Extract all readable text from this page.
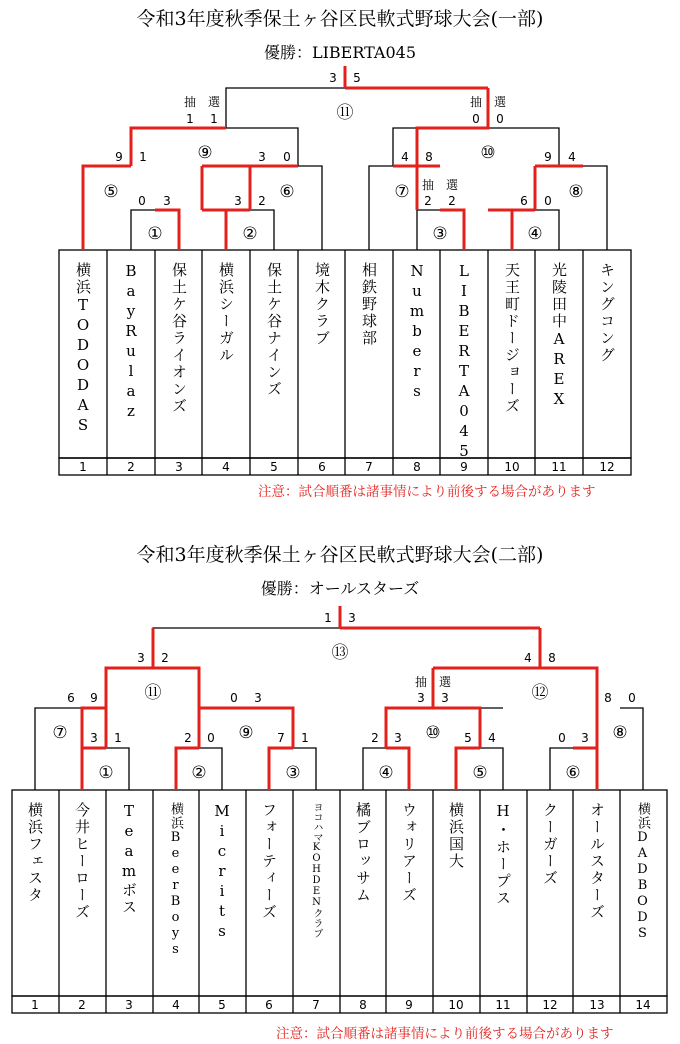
令和3年度秋季保土ヶ谷区民軟式野球大会(一部)
優勝：LIBERTA045
①	②	③	④
⑤	⑥	⑦	⑧
⑨	⑩
⑪
0 3	3 2
抽 選
2 2	6 0
9 1	3 0	4 8	9 4
抽 選
1 1
抽 選
0 0
3 5
1	2	3	4	5	6	7	8	9	10	11	12
横浜TODODAS BayRulaz 保土ケ谷ライオンズ 横浜シーガル 保土ケ谷ナインズ 境木クラブ 相鉄野球部 Numbers LIBERTA045 天王町ドージョーズ 光陵田中AREX キングコング
注意：試合順番は諸事情により前後する場合があります
令和3年度秋季保土ヶ谷区民軟式野球大会(二部)
優勝：オールスターズ
①	②	③	④	⑤	⑥
⑦	⑧
⑨	⑩
⑪	⑫
⑬
3 1	2 0	7 1	2 3	5 4	0 3
6 9	8 0
0 3
抽 選
3 3
3 2	4 8
1 3
1	2	3	4	5	6	7	8	9	10	11	12	13	14
横浜フェスタ 今井ヒーローズ Teamボス 横浜BeerBoys Micrits フォーティーズ	ヨコハマKOHDENクラブ 橘ブロッサム ウォリアーズ 横浜国大 H・ホープス クーガーズ オールスターズ 横浜DADBODS
注意：試合順番は諸事情により前後する場合があります
